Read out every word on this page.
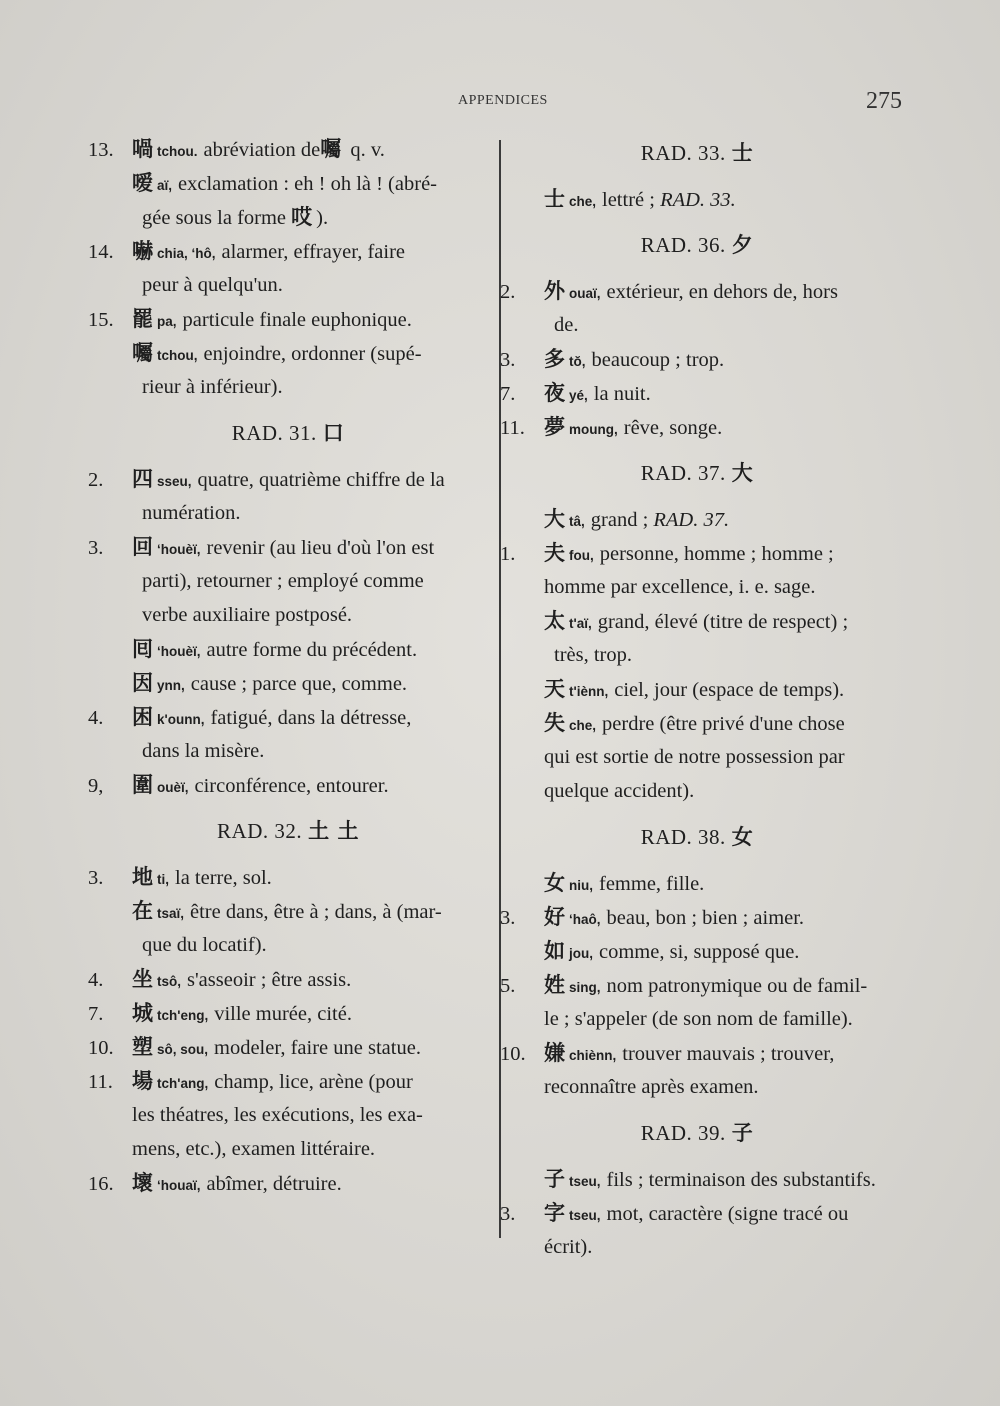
APPENDICES	275
13. 喎 tchou. abréviation de囑 q. v.
嗳aï, exclamation : eh ! oh là ! (abré-
gée sous la forme 哎 ).
14. 嚇 chia, ‘hô, alarmer, effrayer, faire
peur à quelqu'un.
15. 罷 pa, particule finale euphonique.
囑tchou, enjoindre, ordonner (supé-
rieur à inférieur).
RAD. 31. 口
2. 四 sseu, quatre, quatrième chiffre de la
numération.
3. 回 ‘houèï, revenir (au lieu d'où l'on est
parti), retourner ; employé comme
verbe auxiliaire postposé.
囘 ‘houèï, autre forme du précédent.
因ynn, cause ; parce que, comme.
4. 困 k'ounn, fatigué, dans la détresse,
dans la misère.
9, 圍 ouèï, circonférence, entourer.
RAD. 32. 土 土
3. 地 ti, la terre, sol.
在tsaï, être dans, être à ; dans, à (mar-
que du locatif).
4. 坐 tsô, s'asseoir ; être assis.
7. 城 tch'eng, ville murée, cité.
10. 塑 sô, sou, modeler, faire une statue.
11. 場 tch'ang, champ, lice, arène (pour
les théatres, les exécutions, les exa-
mens, etc.), examen littéraire.
16. 壞 ‘houaï, abîmer, détruire.
RAD. 33. 士
士che, lettré ; RAD. 33.
RAD. 36. 夕
2. 外 ouaï, extérieur, en dehors de, hors
de.
3. 多 tŏ, beaucoup ; trop.
7. 夜 yé, la nuit.
11. 夢 moung, rêve, songe.
RAD. 37. 大
大tâ, grand ; RAD. 37.
1. 夫 fou, personne, homme ; homme ;
homme par excellence, i. e. sage.
太t'aï, grand, élevé (titre de respect) ;
très, trop.
天t'iènn, ciel, jour (espace de temps).
失che, perdre (être privé d'une chose
qui est sortie de notre possession par
quelque accident).
RAD. 38. 女
女niu, femme, fille.
3. 好 ‘haô, beau, bon ; bien ; aimer.
如jou, comme, si, supposé que.
5. 姓 sing, nom patronymique ou de famil-
le ; s'appeler (de son nom de famille).
10. 嫌 chiènn, trouver mauvais ; trouver,
reconnaître après examen.
RAD. 39. 子
子tseu, fils ; terminaison des substantifs.
3. 字 tseu, mot, caractère (signe tracé ou
écrit).
